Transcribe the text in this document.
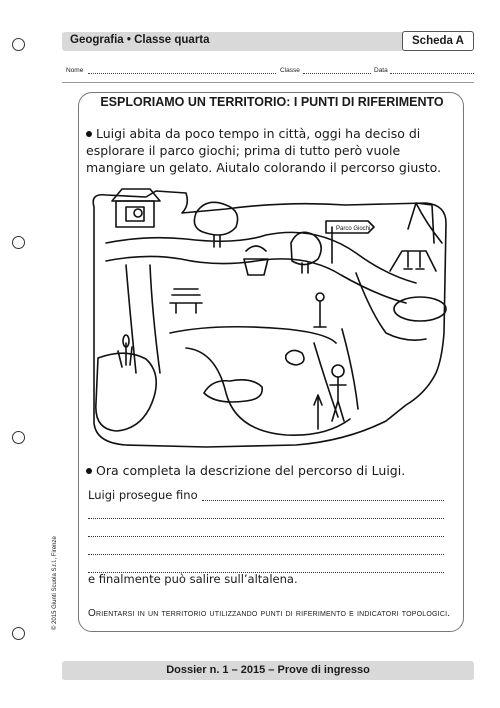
Geografia • Classe quarta	Scheda A
Nome	Classe	Data
ESPLORIAMO UN TERRITORIO: I PUNTI DI RIFERIMENTO
Luigi abita da poco tempo in città, oggi ha deciso di esplorare il parco giochi; prima di tutto però vuole mangiare un gelato. Aiutalo colorando il percorso giusto.
Parco Giochi
Ora completa la descrizione del percorso di Luigi.
Luigi prosegue fino
e finalmente può salire sull’altalena.
Orientarsi in un territorio utilizzando punti di riferimento e indicatori topologici.
© 2015 Giunti Scuola S.r.l., Firenze
Dossier n. 1 – 2015 – Prove di ingresso
